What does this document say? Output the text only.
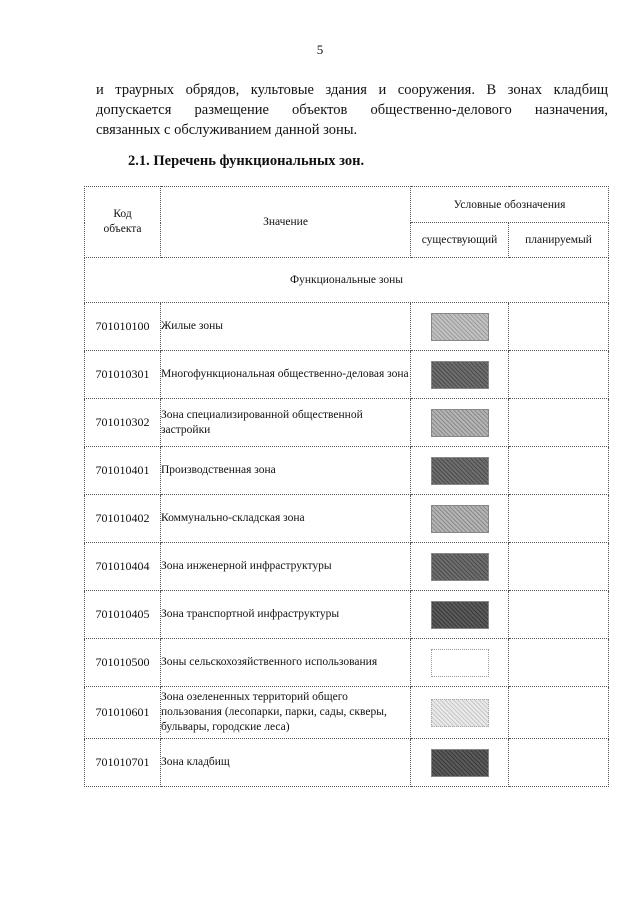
5
и траурных обрядов, культовые здания и сооружения. В зонах кладбищ
допускается размещение объектов общественно-делового назначения,
связанных с обслуживанием данной зоны.
2.1. Перечень функциональных зон.
Код
объекта	Значение	Условные обозначения	
		существующий	планируемый
Функциональные зоны			
701010100	Жилые зоны		
701010301	Многофункциональная общественно-деловая зона		
701010302	Зона специализированной общественной застройки		
701010401	Производственная зона		
701010402	Коммунально-складская зона		
701010404	Зона инженерной инфраструктуры		
701010405	Зона транспортной инфраструктуры		
701010500	Зоны сельскохозяйственного использования		
701010601	Зона озелененных территорий общего пользования (лесопарки, парки, сады, скверы, бульвары, городские леса)		
701010701	Зона кладбищ		
